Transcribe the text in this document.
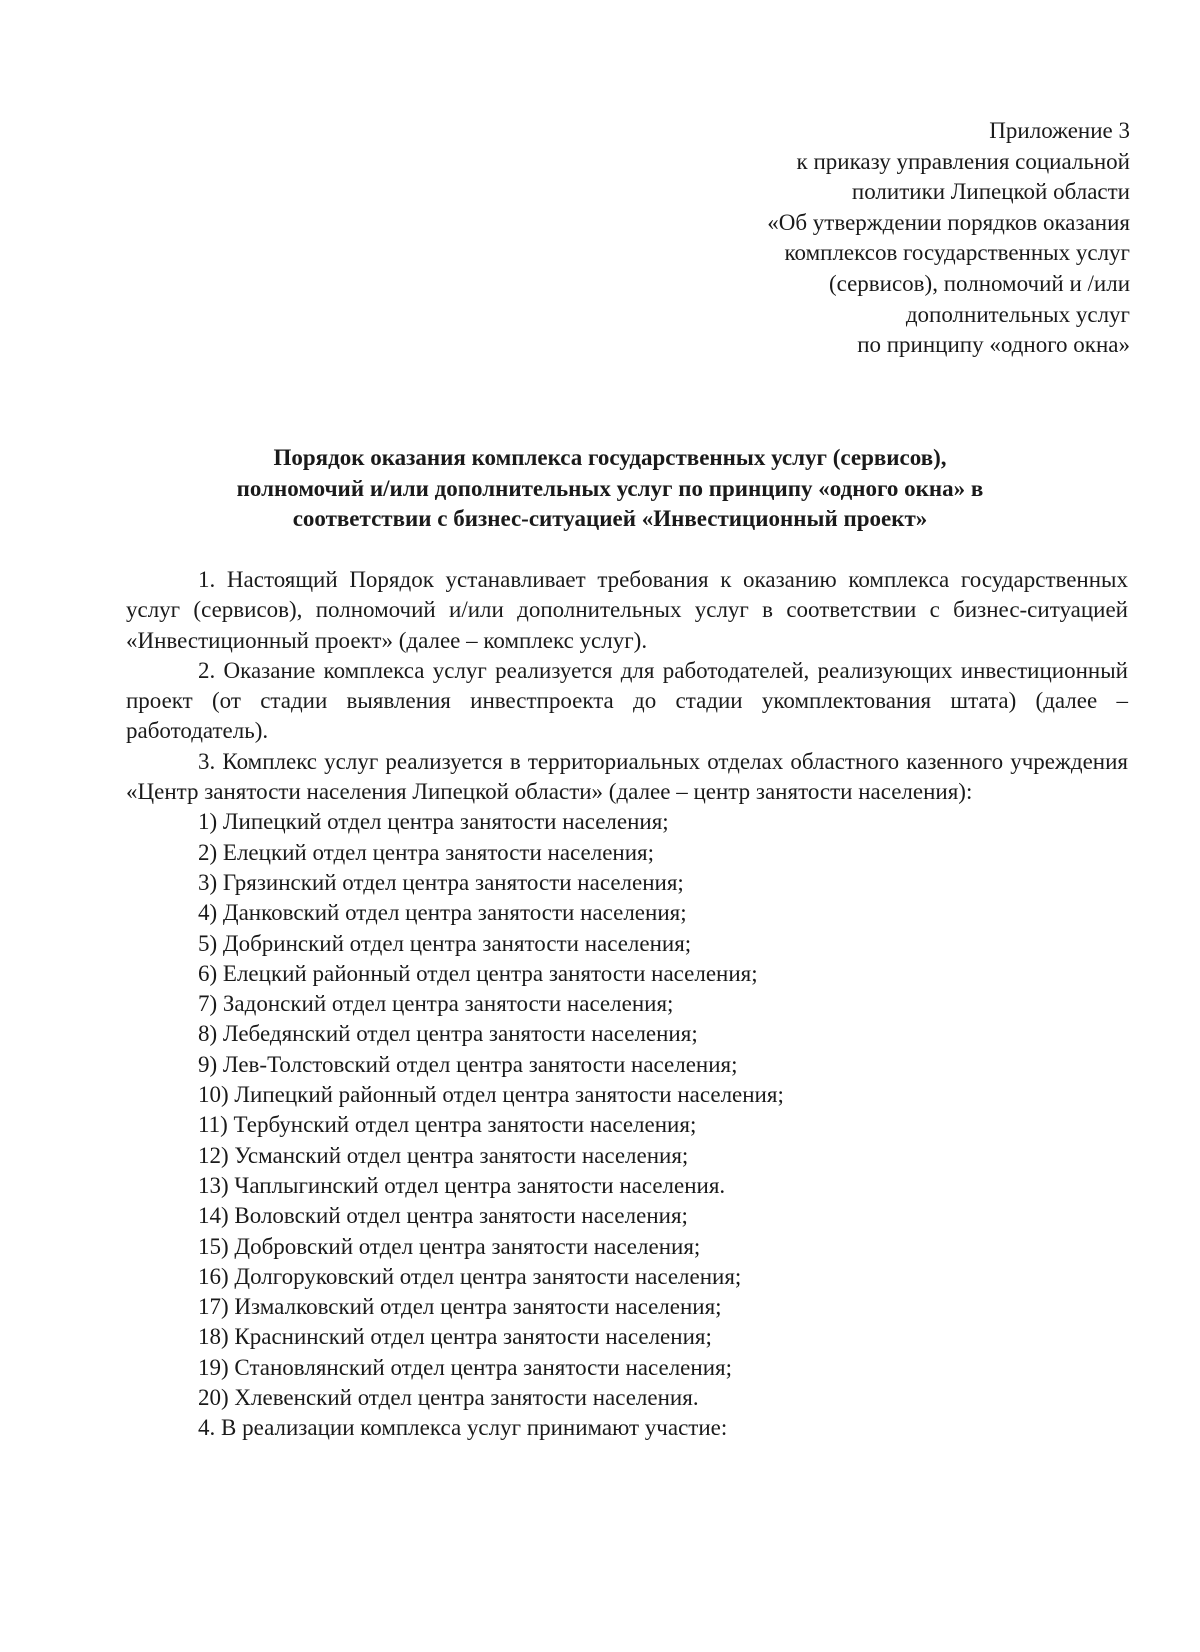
Приложение 3
к приказу управления социальной
политики Липецкой области
«Об утверждении порядков оказания
комплексов государственных услуг
(сервисов), полномочий и /или
дополнительных услуг
по принципу «одного окна»
Порядок оказания комплекса государственных услуг (сервисов),
полномочий и/или дополнительных услуг по принципу «одного окна» в
соответствии с бизнес-ситуацией «Инвестиционный проект»

1. Настоящий Порядок устанавливает требования к оказанию комплекса государственных услуг (сервисов), полномочий и/или дополнительных услуг в соответствии с бизнес-ситуацией «Инвестиционный проект» (далее – комплекс услуг).

2. Оказание комплекса услуг реализуется для работодателей, реализующих инвестиционный проект (от стадии выявления инвестпроекта до стадии укомплектования штата) (далее – работодатель).

3. Комплекс услуг реализуется в территориальных отделах областного казенного учреждения «Центр занятости населения Липецкой области» (далее – центр занятости населения):

1) Липецкий отдел центра занятости населения;

2) Елецкий отдел центра занятости населения;

3) Грязинский отдел центра занятости населения;

4) Данковский отдел центра занятости населения;

5) Добринский отдел центра занятости населения;

6) Елецкий районный отдел центра занятости населения;

7) Задонский отдел центра занятости населения;

8) Лебедянский отдел центра занятости населения;

9) Лев-Толстовский отдел центра занятости населения;

10) Липецкий районный отдел центра занятости населения;

11) Тербунский отдел центра занятости населения;

12) Усманский отдел центра занятости населения;

13) Чаплыгинский отдел центра занятости населения.

14) Воловский отдел центра занятости населения;

15) Добровский отдел центра занятости населения;

16) Долгоруковский отдел центра занятости населения;

17) Измалковский отдел центра занятости населения;

18) Краснинский отдел центра занятости населения;

19) Становлянский отдел центра занятости населения;

20) Хлевенский отдел центра занятости населения.

4. В реализации комплекса услуг принимают участие:
